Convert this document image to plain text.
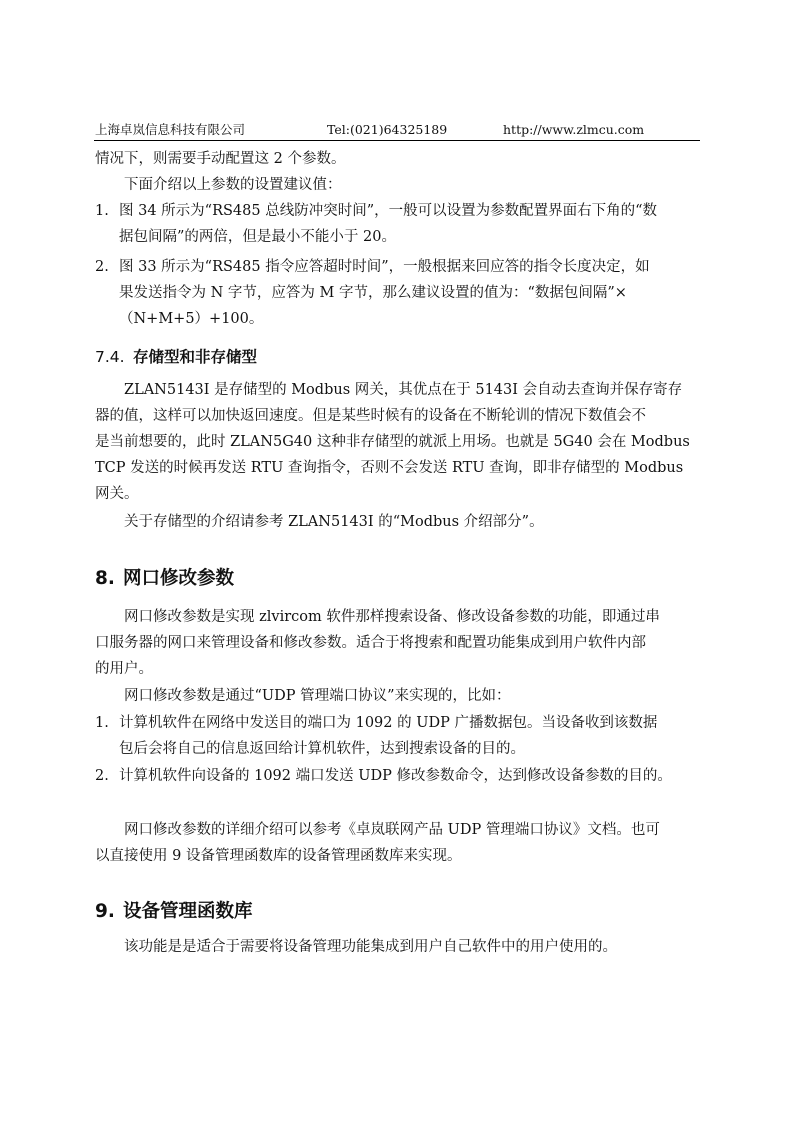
上海卓岚信息科技有限公司	Tel:(021)64325189	http://www.zlmcu.com
情况下，则需要手动配置这 2 个参数。
下面介绍以上参数的设置建议值：
1. 图 34 所示为“RS485 总线防冲突时间”，一般可以设置为参数配置界面右下角的“数
据包间隔”的两倍，但是最小不能小于 20。
2. 图 33 所示为“RS485 指令应答超时时间”，一般根据来回应答的指令长度决定，如
果发送指令为 N 字节，应答为 M 字节，那么建议设置的值为：“数据包间隔”×
（N+M+5）+100。
7.4. 存储型和非存储型
ZLAN5143I 是存储型的 Modbus 网关，其优点在于 5143I 会自动去查询并保存寄存
器的值，这样可以加快返回速度。但是某些时候有的设备在不断轮训的情况下数值会不
是当前想要的，此时 ZLAN5G40 这种非存储型的就派上用场。也就是 5G40 会在 Modbus
TCP 发送的时候再发送 RTU 查询指令，否则不会发送 RTU 查询，即非存储型的 Modbus
网关。
关于存储型的介绍请参考 ZLAN5143I 的“Modbus 介绍部分”。
8. 网口修改参数
网口修改参数是实现 zlvircom 软件那样搜索设备、修改设备参数的功能，即通过串
口服务器的网口来管理设备和修改参数。适合于将搜索和配置功能集成到用户软件内部
的用户。
网口修改参数是通过“UDP 管理端口协议”来实现的，比如：
1. 计算机软件在网络中发送目的端口为 1092 的 UDP 广播数据包。当设备收到该数据
包后会将自己的信息返回给计算机软件，达到搜索设备的目的。
2. 计算机软件向设备的 1092 端口发送 UDP 修改参数命令，达到修改设备参数的目的。
网口修改参数的详细介绍可以参考《卓岚联网产品 UDP 管理端口协议》文档。也可
以直接使用 9 设备管理函数库的设备管理函数库来实现。
9. 设备管理函数库
该功能是是适合于需要将设备管理功能集成到用户自己软件中的用户使用的。
